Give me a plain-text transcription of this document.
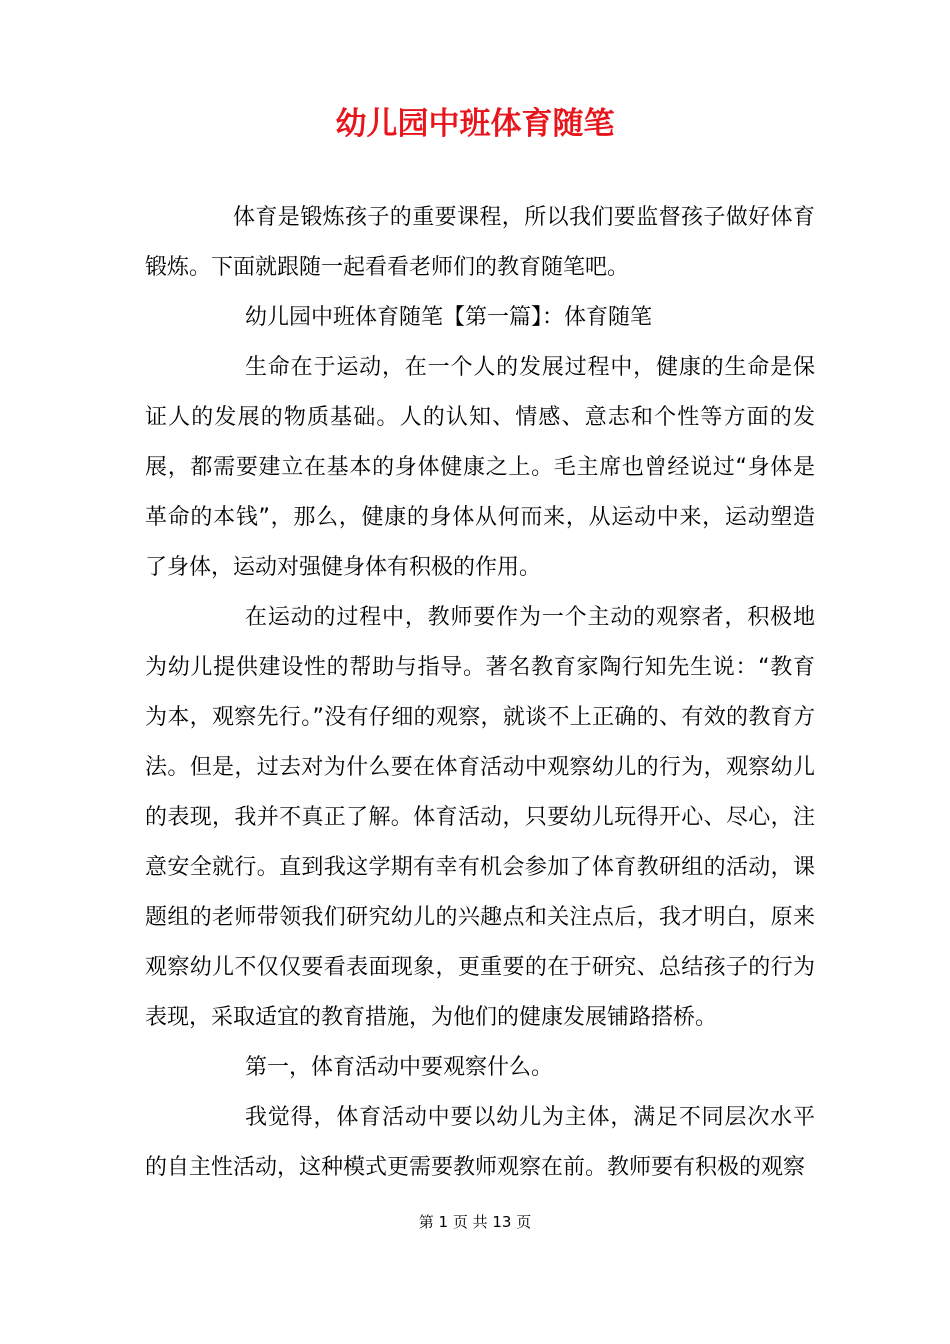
幼儿园中班体育随笔

体育是锻炼孩子的重要课程，所以我们要监督孩子做好体育锻炼。下面就跟随一起看看老师们的教育随笔吧。

幼儿园中班体育随笔【第一篇】：体育随笔

生命在于运动，在一个人的发展过程中，健康的生命是保证人的发展的物质基础。人的认知、情感、意志和个性等方面的发展，都需要建立在基本的身体健康之上。毛主席也曾经说过“身体是革命的本钱”，那么，健康的身体从何而来，从运动中来，运动塑造了身体，运动对强健身体有积极的作用。

在运动的过程中，教师要作为一个主动的观察者，积极地为幼儿提供建设性的帮助与指导。著名教育家陶行知先生说：“教育为本，观察先行。”没有仔细的观察，就谈不上正确的、有效的教育方法。但是，过去对为什么要在体育活动中观察幼儿的行为，观察幼儿的表现，我并不真正了解。体育活动，只要幼儿玩得开心、尽心，注意安全就行。直到我这学期有幸有机会参加了体育教研组的活动，课题组的老师带领我们研究幼儿的兴趣点和关注点后，我才明白，原来观察幼儿不仅仅要看表面现象，更重要的在于研究、总结孩子的行为表现，采取适宜的教育措施，为他们的健康发展铺路搭桥。

第一，体育活动中要观察什么。

我觉得，体育活动中要以幼儿为主体，满足不同层次水平的自主性活动，这种模式更需要教师观察在前。教师要有积极的观察

第 1 页 共 13 页
